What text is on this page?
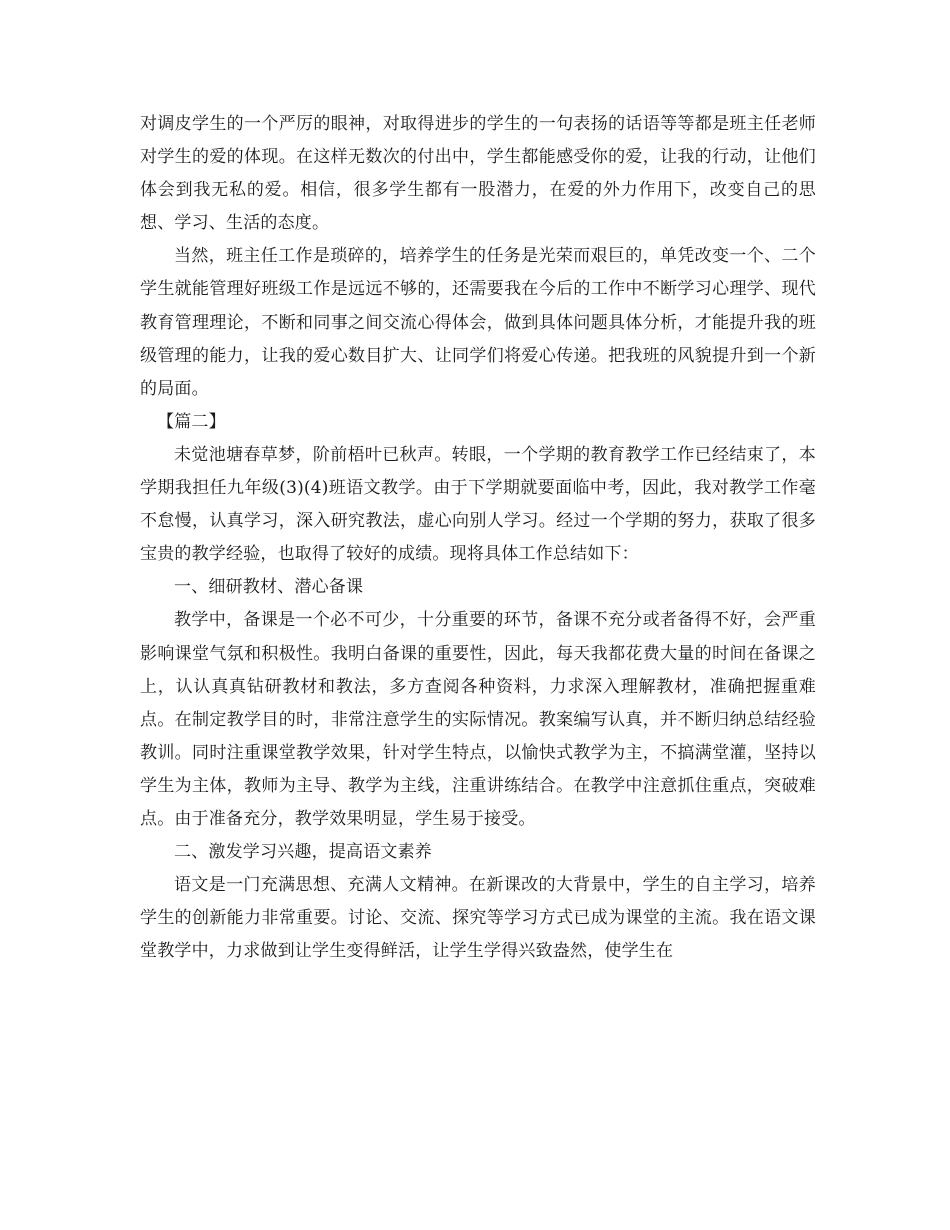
对调皮学生的一个严厉的眼神，对取得进步的学生的一句表扬的话语等等都是班主任老师对学生的爱的体现。在这样无数次的付出中，学生都能感受你的爱，让我的行动，让他们体会到我无私的爱。相信，很多学生都有一股潜力，在爱的外力作用下，改变自己的思想、学习、生活的态度。

当然，班主任工作是琐碎的，培养学生的任务是光荣而艰巨的，单凭改变一个、二个学生就能管理好班级工作是远远不够的，还需要我在今后的工作中不断学习心理学、现代教育管理理论，不断和同事之间交流心得体会，做到具体问题具体分析，才能提升我的班级管理的能力，让我的爱心数目扩大、让同学们将爱心传递。把我班的风貌提升到一个新的局面。

【篇二】

未觉池塘春草梦，阶前梧叶已秋声。转眼，一个学期的教育教学工作已经结束了，本学期我担任九年级(3)(4)班语文教学。由于下学期就要面临中考，因此，我对教学工作毫不怠慢，认真学习，深入研究教法，虚心向别人学习。经过一个学期的努力，获取了很多宝贵的教学经验，也取得了较好的成绩。现将具体工作总结如下：

一、细研教材、潜心备课

教学中，备课是一个必不可少，十分重要的环节，备课不充分或者备得不好，会严重影响课堂气氛和积极性。我明白备课的重要性，因此，每天我都花费大量的时间在备课之上，认认真真钻研教材和教法，多方查阅各种资料，力求深入理解教材，准确把握重难点。在制定教学目的时，非常注意学生的实际情况。教案编写认真，并不断归纳总结经验教训。同时注重课堂教学效果，针对学生特点，以愉快式教学为主，不搞满堂灌，坚持以学生为主体，教师为主导、教学为主线，注重讲练结合。在教学中注意抓住重点，突破难点。由于准备充分，教学效果明显，学生易于接受。

二、激发学习兴趣，提高语文素养

语文是一门充满思想、充满人文精神。在新课改的大背景中，学生的自主学习，培养学生的创新能力非常重要。讨论、交流、探究等学习方式已成为课堂的主流。我在语文课堂教学中，力求做到让学生变得鲜活，让学生学得兴致盎然，使学生在
